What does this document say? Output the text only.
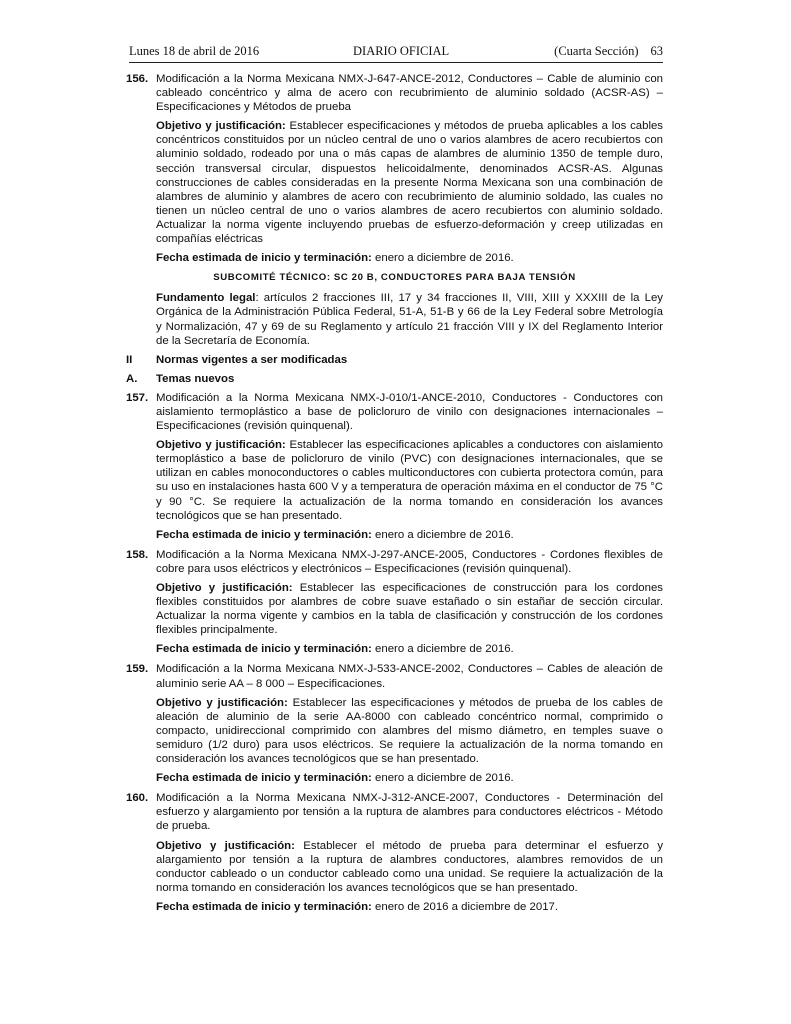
Lunes 18 de abril de 2016	DIARIO OFICIAL	(Cuarta Sección) 63
156. Modificación a la Norma Mexicana NMX-J-647-ANCE-2012, Conductores – Cable de aluminio con cableado concéntrico y alma de acero con recubrimiento de aluminio soldado (ACSR-AS) – Especificaciones y Métodos de prueba

Objetivo y justificación: Establecer especificaciones y métodos de prueba aplicables a los cables concéntricos constituidos por un núcleo central de uno o varios alambres de acero recubiertos con aluminio soldado, rodeado por una o más capas de alambres de aluminio 1350 de temple duro, sección transversal circular, dispuestos helicoidalmente, denominados ACSR-AS. Algunas construcciones de cables consideradas en la presente Norma Mexicana son una combinación de alambres de aluminio y alambres de acero con recubrimiento de aluminio soldado, las cuales no tienen un núcleo central de uno o varios alambres de acero recubiertos con aluminio soldado. Actualizar la norma vigente incluyendo pruebas de esfuerzo-deformación y creep utilizadas en compañías eléctricas

Fecha estimada de inicio y terminación: enero a diciembre de 2016.

SUBCOMITÉ TÉCNICO: SC 20 B, CONDUCTORES PARA BAJA TENSIÓN

Fundamento legal: artículos 2 fracciones III, 17 y 34 fracciones II, VIII, XIII y XXXIII de la Ley Orgánica de la Administración Pública Federal, 51-A, 51-B y 66 de la Ley Federal sobre Metrología y Normalización, 47 y 69 de su Reglamento y artículo 21 fracción VIII y IX del Reglamento Interior de la Secretaría de Economía.

II	Normas vigentes a ser modificadas
A.	Temas nuevos
157. Modificación a la Norma Mexicana NMX-J-010/1-ANCE-2010, Conductores - Conductores con aislamiento termoplástico a base de policloruro de vinilo con designaciones internacionales – Especificaciones (revisión quinquenal).

Objetivo y justificación: Establecer las especificaciones aplicables a conductores con aislamiento termoplástico a base de policloruro de vinilo (PVC) con designaciones internacionales, que se utilizan en cables monoconductores o cables multiconductores con cubierta protectora común, para su uso en instalaciones hasta 600 V y a temperatura de operación máxima en el conductor de 75 °C y 90 °C. Se requiere la actualización de la norma tomando en consideración los avances tecnológicos que se han presentado.

Fecha estimada de inicio y terminación: enero a diciembre de 2016.

158. Modificación a la Norma Mexicana NMX-J-297-ANCE-2005, Conductores - Cordones flexibles de cobre para usos eléctricos y electrónicos – Especificaciones (revisión quinquenal).

Objetivo y justificación: Establecer las especificaciones de construcción para los cordones flexibles constituidos por alambres de cobre suave estañado o sin estañar de sección circular. Actualizar la norma vigente y cambios en la tabla de clasificación y construcción de los cordones flexibles principalmente.

Fecha estimada de inicio y terminación: enero a diciembre de 2016.

159. Modificación a la Norma Mexicana NMX-J-533-ANCE-2002, Conductores – Cables de aleación de aluminio serie AA – 8 000 – Especificaciones.

Objetivo y justificación: Establecer las especificaciones y métodos de prueba de los cables de aleación de aluminio de la serie AA-8000 con cableado concéntrico normal, comprimido o compacto, unidireccional comprimido con alambres del mismo diámetro, en temples suave o semiduro (1/2 duro) para usos eléctricos. Se requiere la actualización de la norma tomando en consideración los avances tecnológicos que se han presentado.

Fecha estimada de inicio y terminación: enero a diciembre de 2016.

160. Modificación a la Norma Mexicana NMX-J-312-ANCE-2007, Conductores - Determinación del esfuerzo y alargamiento por tensión a la ruptura de alambres para conductores eléctricos - Método de prueba.

Objetivo y justificación: Establecer el método de prueba para determinar el esfuerzo y alargamiento por tensión a la ruptura de alambres conductores, alambres removidos de un conductor cableado o un conductor cableado como una unidad. Se requiere la actualización de la norma tomando en consideración los avances tecnológicos que se han presentado.

Fecha estimada de inicio y terminación: enero de 2016 a diciembre de 2017.
